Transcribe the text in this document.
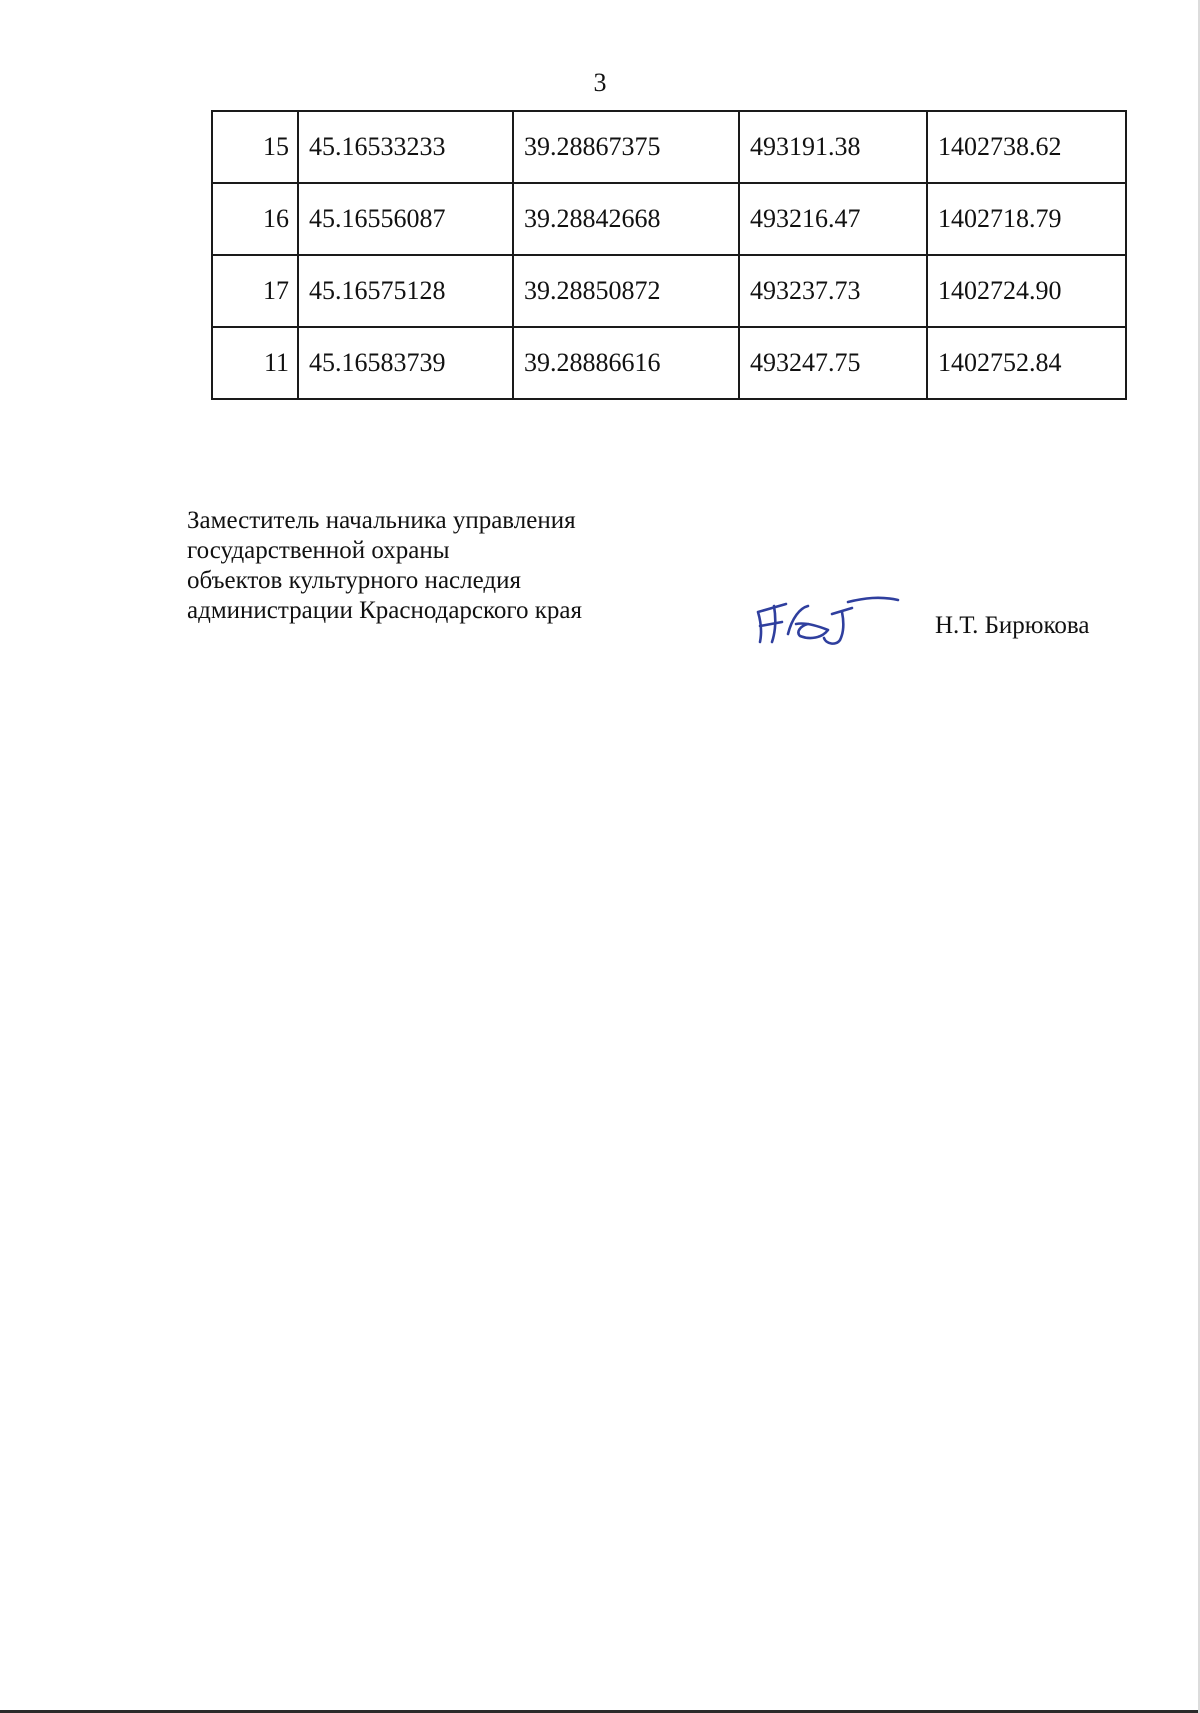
3
15	45.16533233	39.28867375	493191.38	1402738.62
16	45.16556087	39.28842668	493216.47	1402718.79
17	45.16575128	39.28850872	493237.73	1402724.90
11	45.16583739	39.28886616	493247.75	1402752.84
Заместитель начальника управления
государственной охраны
объектов культурного наследия
администрации Краснодарского края
Н.Т. Бирюкова
